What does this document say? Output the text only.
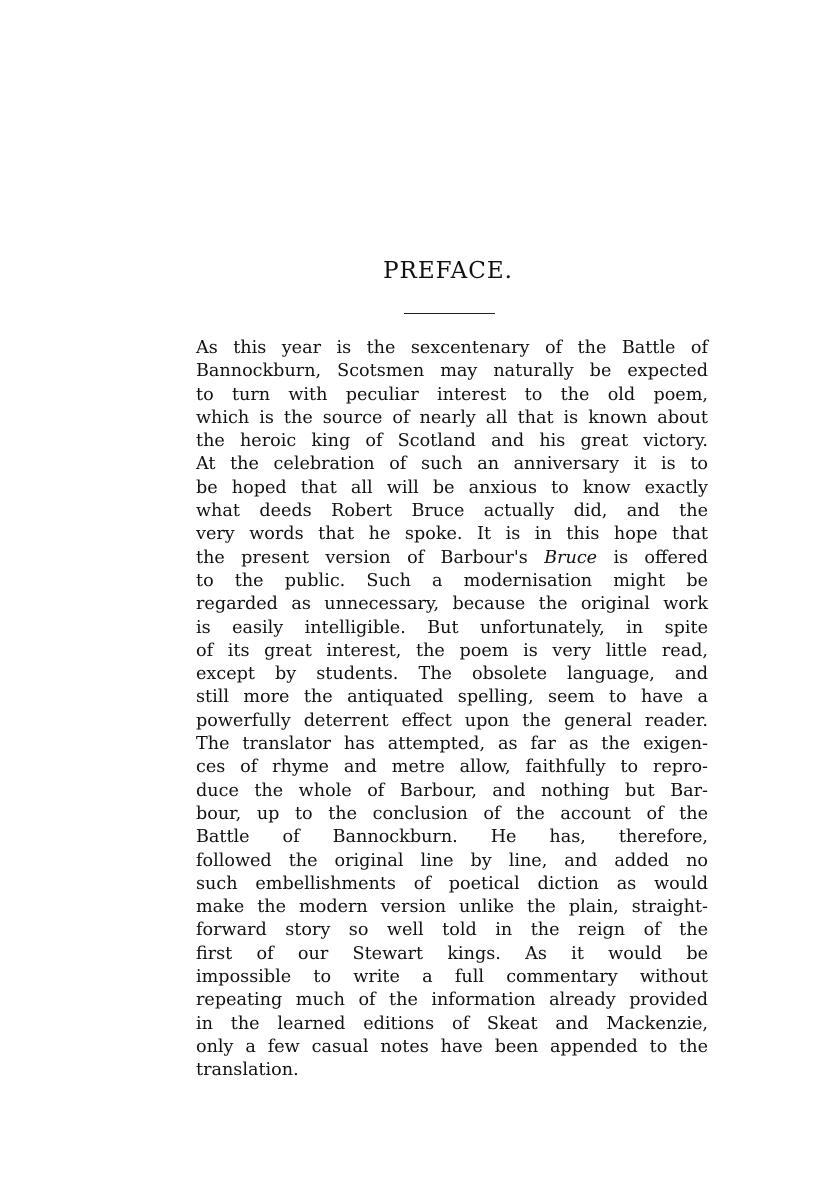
PREFACE.
As this year is the sexcentenary of the Battle of
Bannockburn, Scotsmen may naturally be expected
to turn with peculiar interest to the old poem,
which is the source of nearly all that is known about
the heroic king of Scotland and his great victory.
At the celebration of such an anniversary it is to
be hoped that all will be anxious to know exactly
what deeds Robert Bruce actually did, and the
very words that he spoke. It is in this hope that
the present version of Barbour's Bruce is offered
to the public. Such a modernisation might be
regarded as unnecessary, because the original work
is easily intelligible. But unfortunately, in spite
of its great interest, the poem is very little read,
except by students. The obsolete language, and
still more the antiquated spelling, seem to have a
powerfully deterrent effect upon the general reader.
The translator has attempted, as far as the exigen-
ces of rhyme and metre allow, faithfully to repro-
duce the whole of Barbour, and nothing but Bar-
bour, up to the conclusion of the account of the
Battle of Bannockburn. He has, therefore,
followed the original line by line, and added no
such embellishments of poetical diction as would
make the modern version unlike the plain, straight-
forward story so well told in the reign of the
first of our Stewart kings. As it would be
impossible to write a full commentary without
repeating much of the information already provided
in the learned editions of Skeat and Mackenzie,
only a few casual notes have been appended to the
translation.
